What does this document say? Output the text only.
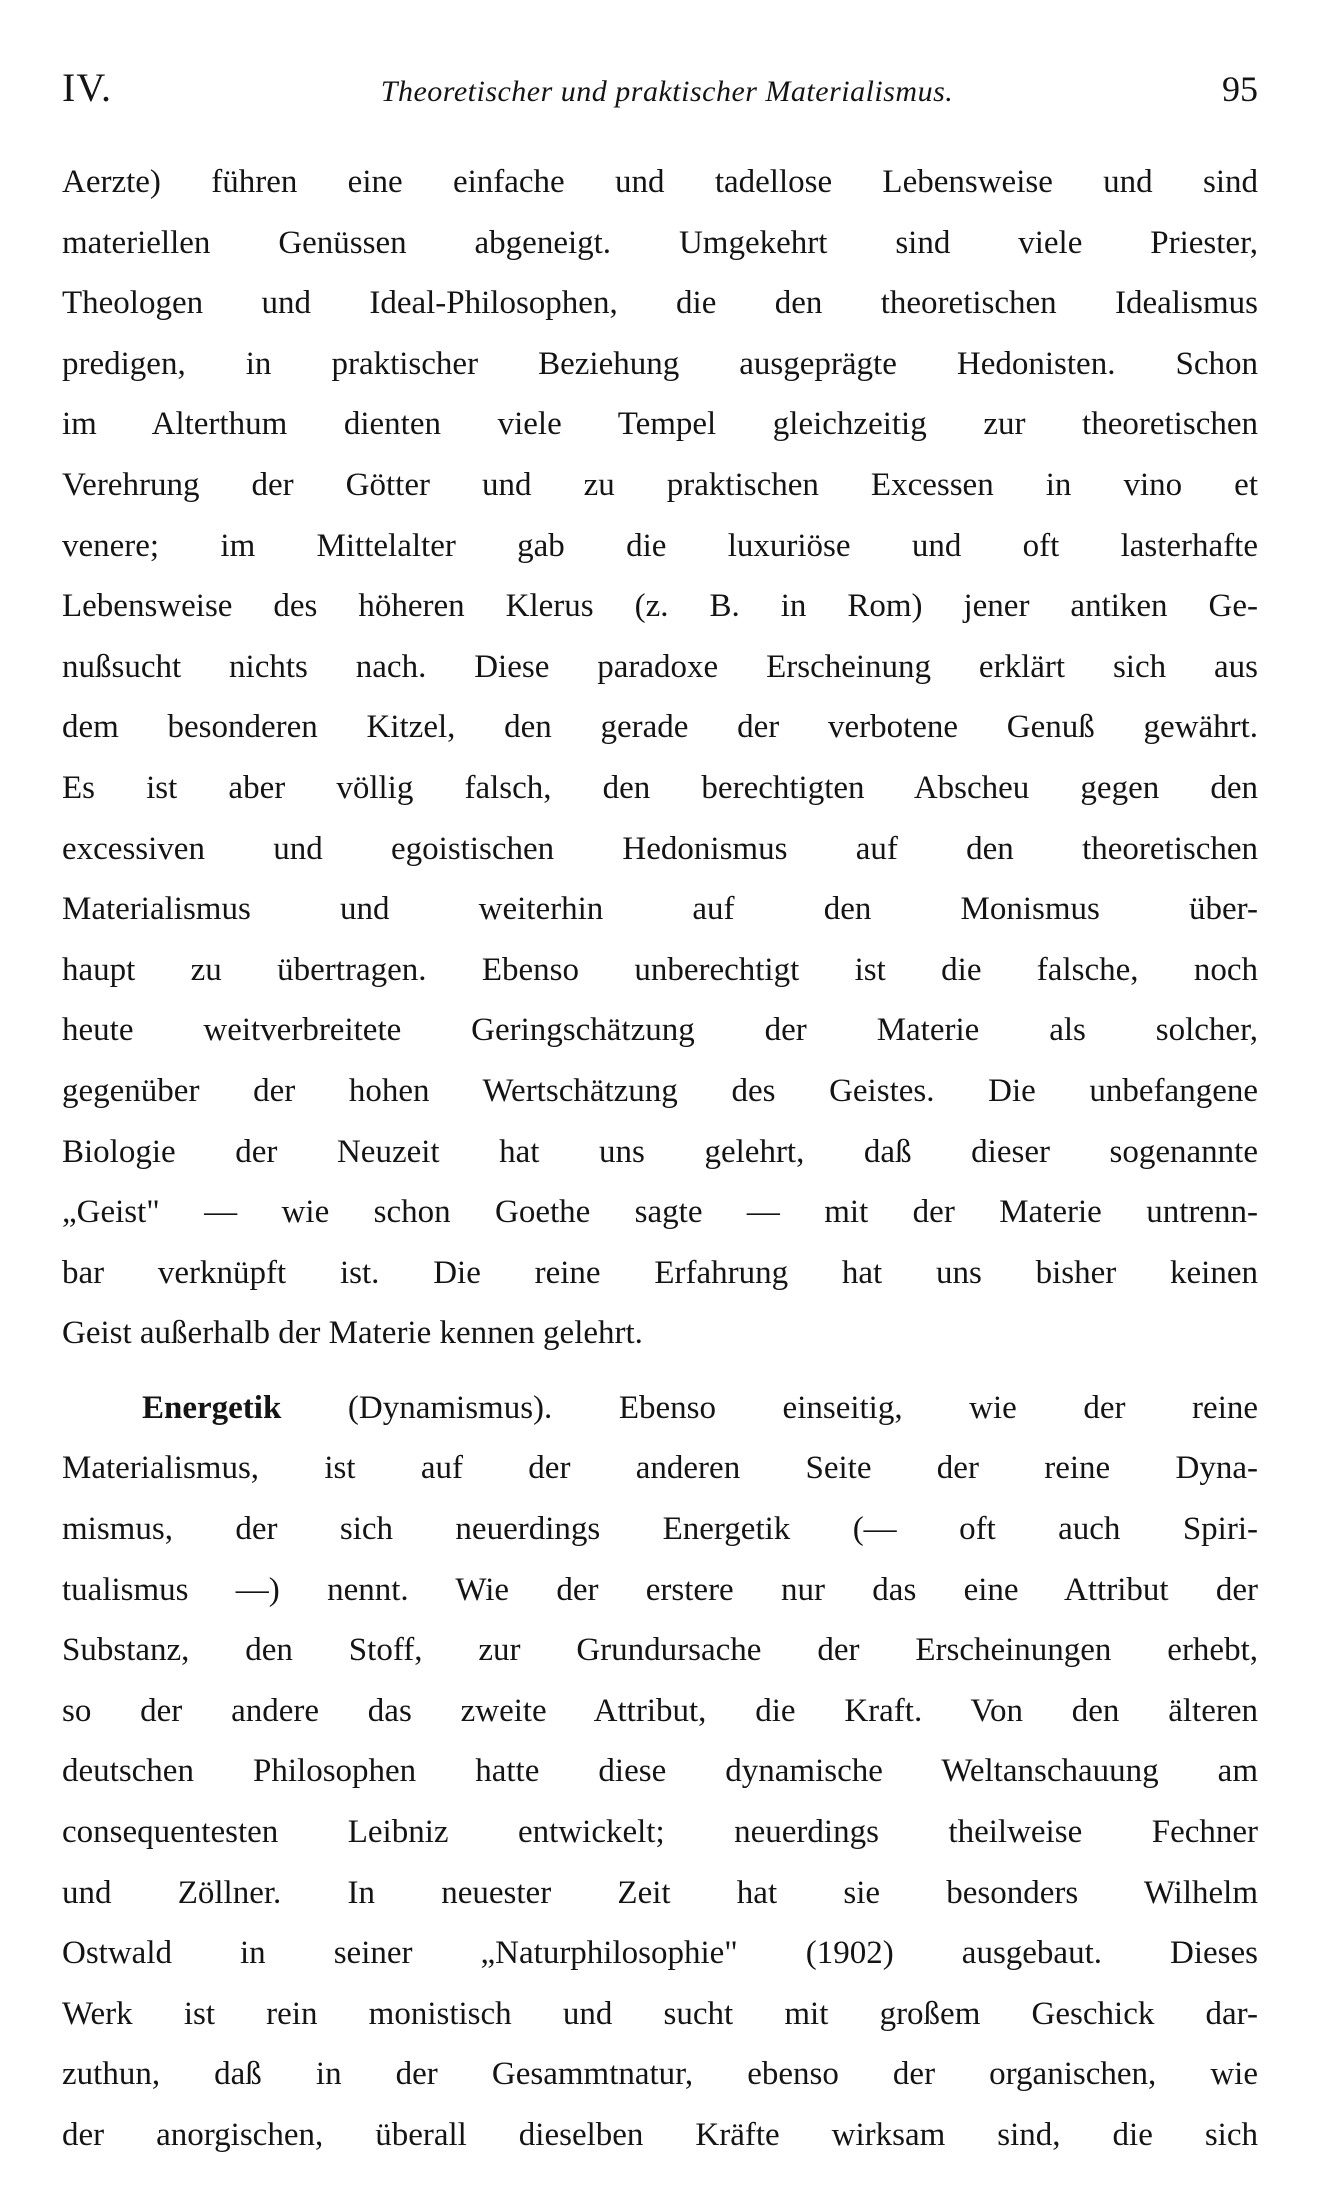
IV.	Theoretischer und praktischer Materialismus.	95
Aerzte) führen eine einfache und tadellose Lebensweise und sind
materiellen Genüssen abgeneigt. Umgekehrt sind viele Priester,
Theologen und Ideal-Philosophen, die den theoretischen Idealismus
predigen, in praktischer Beziehung ausgeprägte Hedonisten. Schon
im Alterthum dienten viele Tempel gleichzeitig zur theoretischen
Verehrung der Götter und zu praktischen Excessen in vino et
venere; im Mittelalter gab die luxuriöse und oft lasterhafte
Lebensweise des höheren Klerus (z. B. in Rom) jener antiken Ge-
nußsucht nichts nach. Diese paradoxe Erscheinung erklärt sich aus
dem besonderen Kitzel, den gerade der verbotene Genuß gewährt.
Es ist aber völlig falsch, den berechtigten Abscheu gegen den
excessiven und egoistischen Hedonismus auf den theoretischen
Materialismus und weiterhin auf den Monismus über-
haupt zu übertragen. Ebenso unberechtigt ist die falsche, noch
heute weitverbreitete Geringschätzung der Materie als solcher,
gegenüber der hohen Wertschätzung des Geistes. Die unbefangene
Biologie der Neuzeit hat uns gelehrt, daß dieser sogenannte
„Geist" — wie schon Goethe sagte — mit der Materie untrenn-
bar verknüpft ist. Die reine Erfahrung hat uns bisher keinen
Geist außerhalb der Materie kennen gelehrt.
Energetik (Dynamismus). Ebenso einseitig, wie der reine
Materialismus, ist auf der anderen Seite der reine Dyna-
mismus, der sich neuerdings Energetik (— oft auch Spiri-
tualismus —) nennt. Wie der erstere nur das eine Attribut der
Substanz, den Stoff, zur Grundursache der Erscheinungen erhebt,
so der andere das zweite Attribut, die Kraft. Von den älteren
deutschen Philosophen hatte diese dynamische Weltanschauung am
consequentesten Leibniz entwickelt; neuerdings theilweise Fechner
und Zöllner. In neuester Zeit hat sie besonders Wilhelm
Ostwald in seiner „Naturphilosophie" (1902) ausgebaut. Dieses
Werk ist rein monistisch und sucht mit großem Geschick dar-
zuthun, daß in der Gesammtnatur, ebenso der organischen, wie
der anorgischen, überall dieselben Kräfte wirksam sind, die sich
